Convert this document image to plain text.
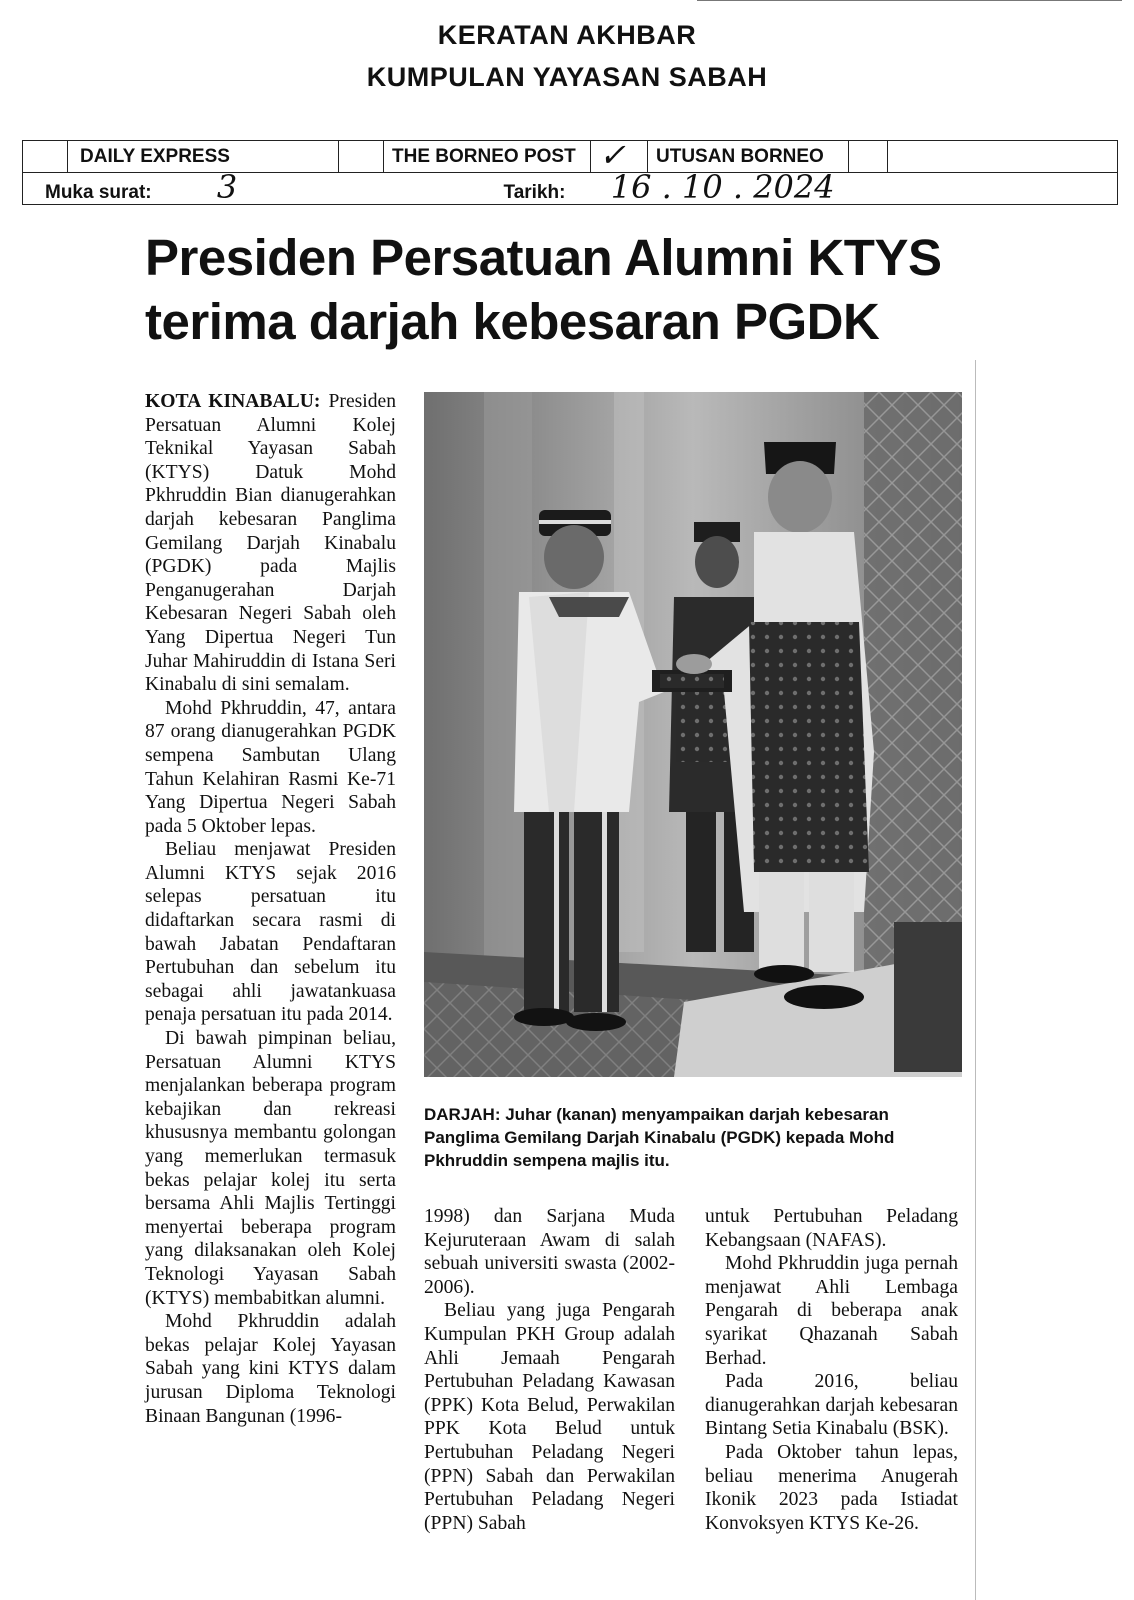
KERATAN AKHBAR
KUMPULAN YAYASAN SABAH
	DAILY EXPRESS		THE BORNEO POST	✓	UTUSAN BORNEO		
Muka surat: 3			Tarikh: 16 . 10 . 2024				
Presiden Persatuan Alumni KTYS
terima darjah kebesaran PGDK

KOTA KINABALU: Presiden Persatuan Alumni Kolej Teknikal Yayasan Sabah (KTYS) Datuk Mohd Pkhruddin Bian dianugerahkan darjah kebesaran Panglima Gemilang Darjah Kinabalu (PGDK) pada Majlis Penganugerahan Darjah Kebesaran Negeri Sabah oleh Yang Dipertua Negeri Tun Juhar Mahiruddin di Istana Seri Kinabalu di sini semalam.

Mohd Pkhruddin, 47, antara 87 orang dianugerahkan PGDK sempena Sambutan Ulang Tahun Kelahiran Rasmi Ke-71 Yang Dipertua Negeri Sabah pada 5 Oktober lepas.

Beliau menjawat Presiden Alumni KTYS sejak 2016 selepas persatuan itu didaftarkan secara rasmi di bawah Jabatan Pendaftaran Pertubuhan dan sebelum itu sebagai ahli jawatankuasa penaja persatuan itu pada 2014.

Di bawah pimpinan beliau, Persatuan Alumni KTYS menjalankan beberapa program kebajikan dan rekreasi khususnya membantu golongan yang memerlukan termasuk bekas pelajar kolej itu serta bersama Ahli Majlis Tertinggi menyertai beberapa program yang dilaksanakan oleh Kolej Teknologi Yayasan Sabah (KTYS) membabitkan alumni.

Mohd Pkhruddin adalah bekas pelajar Kolej Yayasan Sabah yang kini KTYS dalam jurusan Diploma Teknologi Binaan Bangunan (1996-

DARJAH: Juhar (kanan) menyampaikan darjah kebesaran Panglima Gemilang Darjah Kinabalu (PGDK) kepada Mohd Pkhruddin sempena majlis itu.

1998) dan Sarjana Muda Kejuruteraan Awam di salah sebuah universiti swasta (2002-2006).

Beliau yang juga Pengarah Kumpulan PKH Group adalah Ahli Jemaah Pengarah Pertubuhan Peladang Kawasan (PPK) Kota Belud, Perwakilan PPK Kota Belud untuk Pertubuhan Peladang Negeri (PPN) Sabah dan Perwakilan Pertubuhan Peladang Negeri (PPN) Sabah

untuk Pertubuhan Peladang Kebangsaan (NAFAS).

Mohd Pkhruddin juga pernah menjawat Ahli Lembaga Pengarah di beberapa anak syarikat Qhazanah Sabah Berhad.

Pada 2016, beliau dianugerahkan darjah kebesaran Bintang Setia Kinabalu (BSK).

Pada Oktober tahun lepas, beliau menerima Anugerah Ikonik 2023 pada Istiadat Konvoksyen KTYS Ke-26.
